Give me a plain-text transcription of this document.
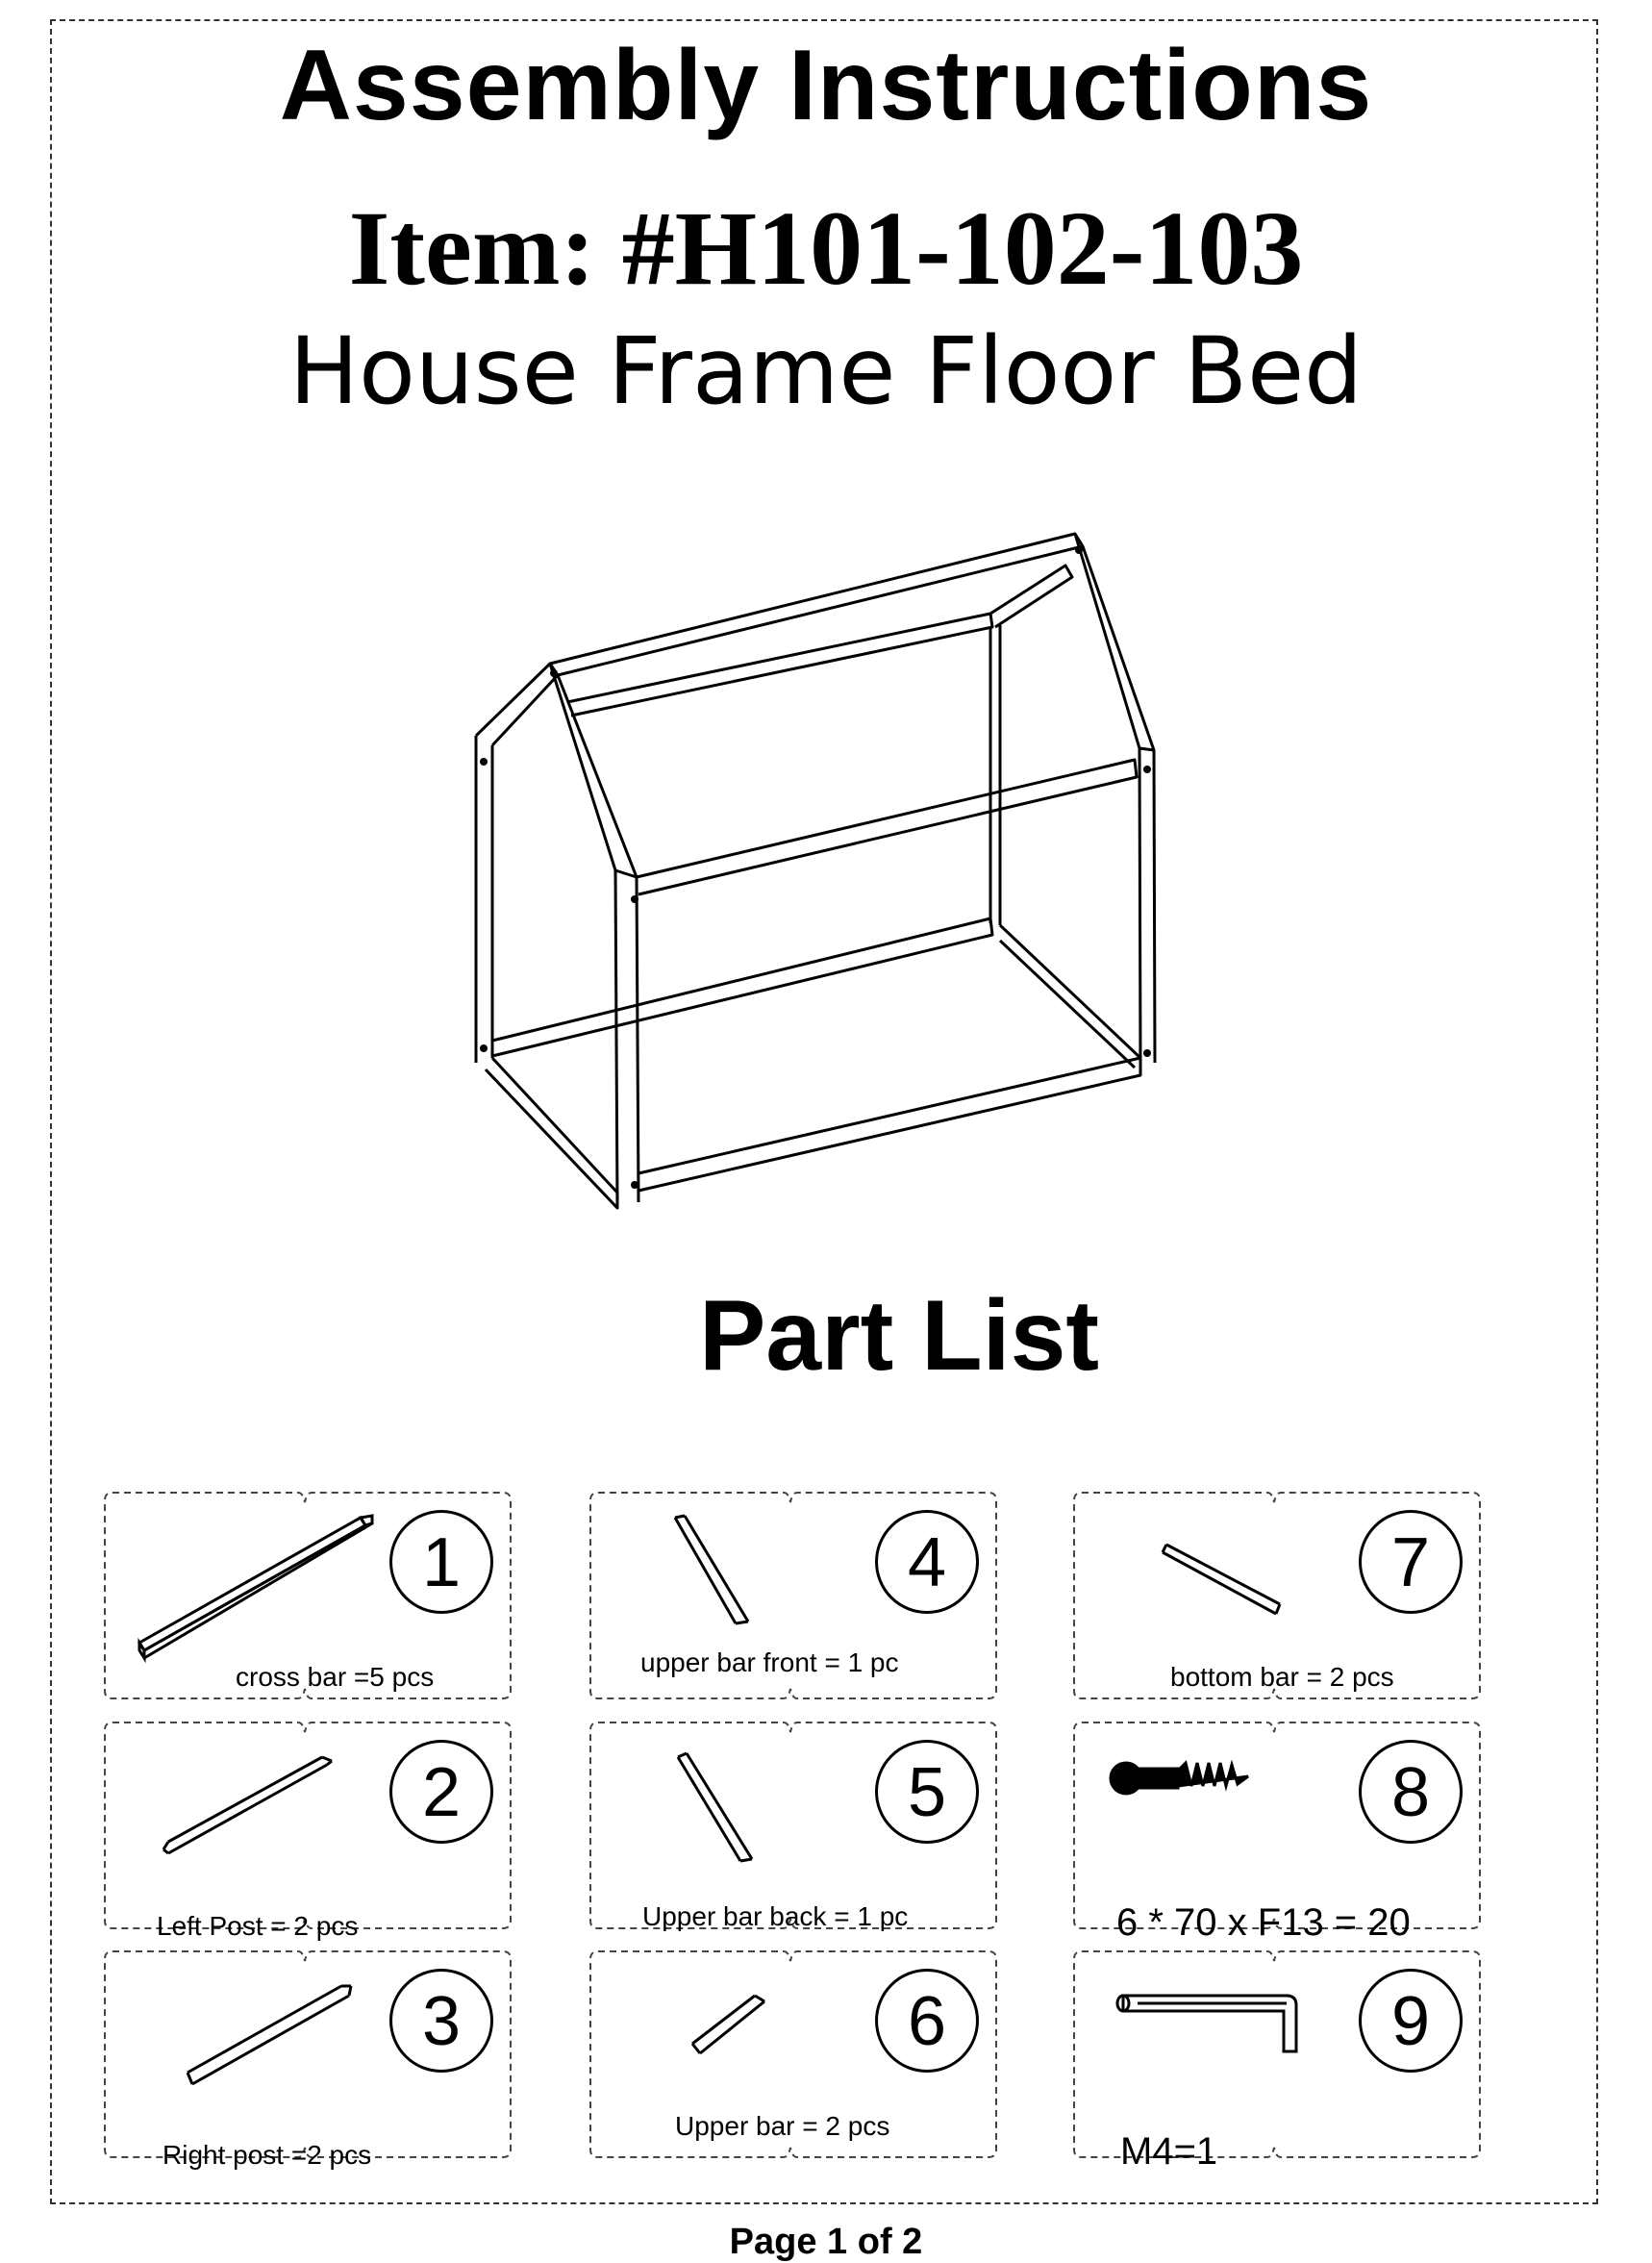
Assembly Instructions
Item: #H101-102-103
House Frame Floor Bed
Part List
1
cross bar =5 pcs
2
Left Post = 2 pcs
3
Right post =2 pcs
4
upper bar front = 1 pc
5
Upper bar back = 1 pc
6
Upper bar = 2 pcs
7
bottom bar = 2 pcs
8
6 * 70 x F13 = 20
9
M4=1
Page 1 of 2
